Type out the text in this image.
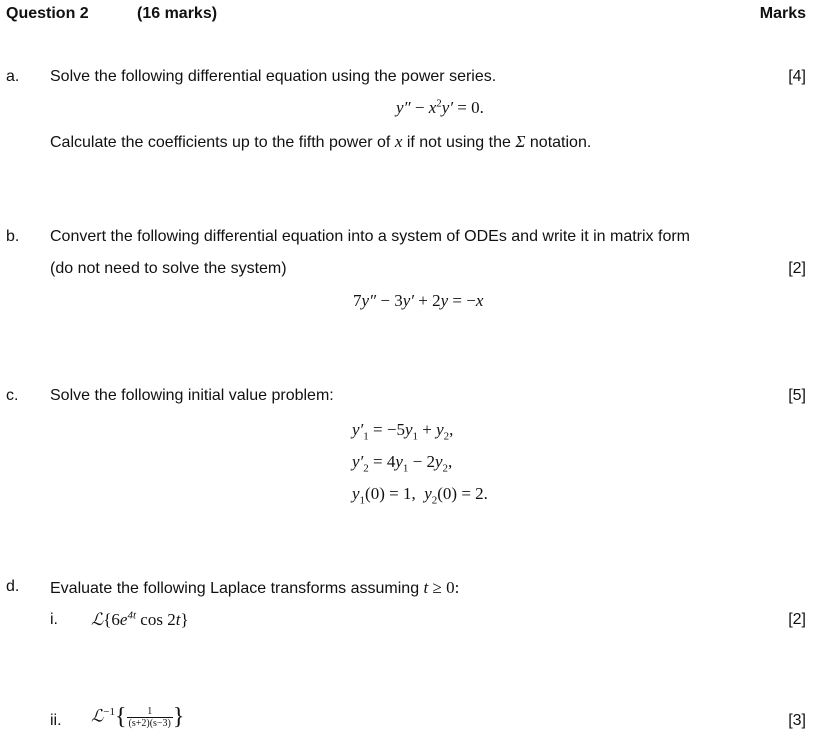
Question 2	(16 marks)	Marks
a. Solve the following differential equation using the power series.	[4]
$y'' - x^2y' = 0$.
Calculate the coefficients up to the fifth power of x if not using the Σ notation.
b. Convert the following differential equation into a system of ODEs and write it in matrix form
(do not need to solve the system)	[2]
7y″ − 3y′ + 2y = −x
c. Solve the following initial value problem:	[5]
$y'_1 = -5y_1 + y_2$,
$y'_2 = 4y_1 - 2y_2$,
$y_1(0) = 1$,  $y_2(0) = 2$.
d. Evaluate the following Laplace transforms assuming t ≥ 0:
i. $ℒ\{6e^{4t}$ cos 2t}	[2]
ii. ℒ$^{-1}${ $\frac{1}{(s+2)(s-3)}$ }	[3]
